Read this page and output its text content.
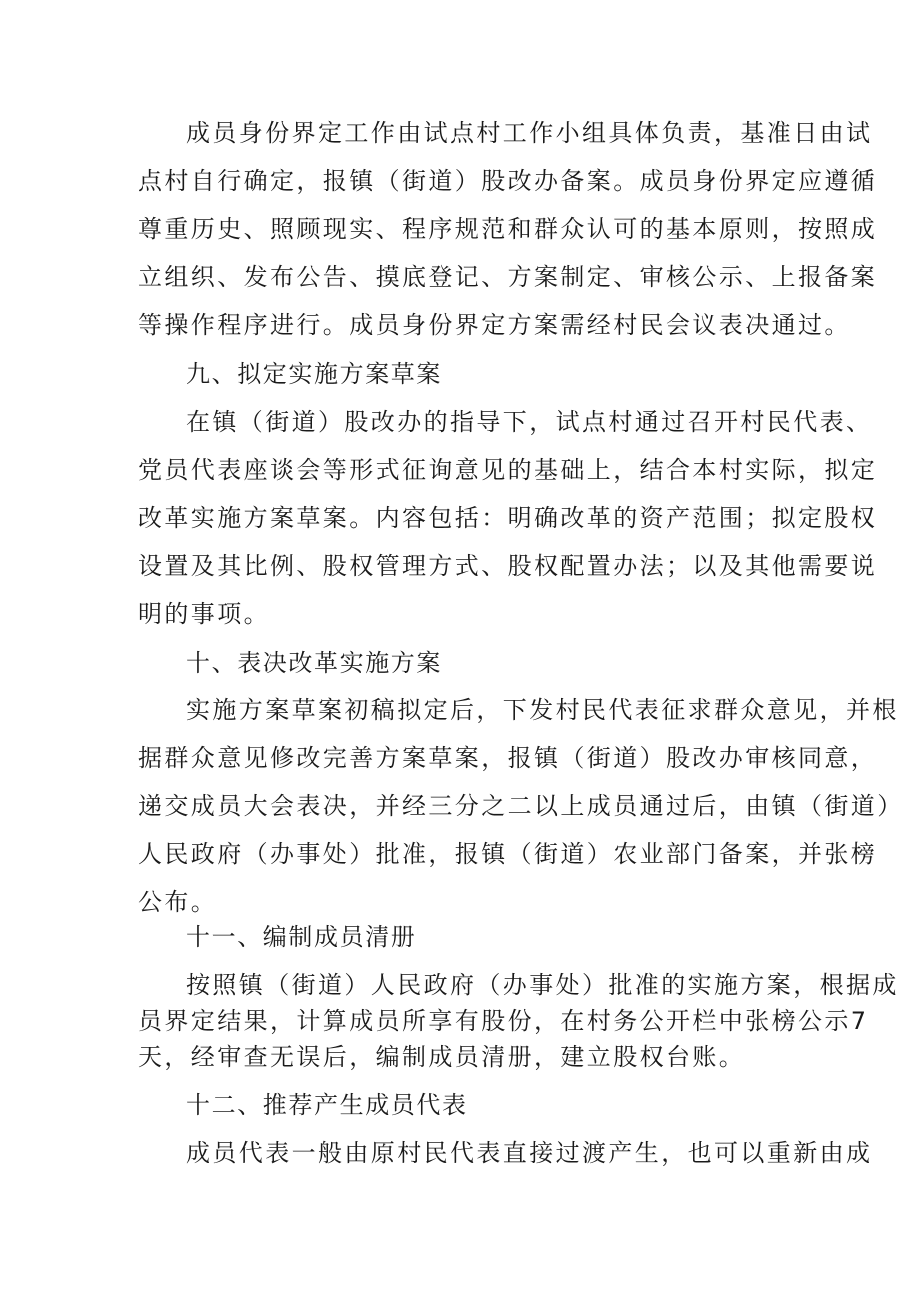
成员身份界定工作由试点村工作小组具体负责，基准日由试
点村自行确定，报镇（街道）股改办备案。成员身份界定应遵循
尊重历史、照顾现实、程序规范和群众认可的基本原则，按照成
立组织、发布公告、摸底登记、方案制定、审核公示、上报备案
等操作程序进行。成员身份界定方案需经村民会议表决通过。
九、拟定实施方案草案
在镇（街道）股改办的指导下，试点村通过召开村民代表、
党员代表座谈会等形式征询意见的基础上，结合本村实际，拟定
改革实施方案草案。内容包括：明确改革的资产范围；拟定股权
设置及其比例、股权管理方式、股权配置办法；以及其他需要说
明的事项。
十、表决改革实施方案
实施方案草案初稿拟定后，下发村民代表征求群众意见，并根
据群众意见修改完善方案草案，报镇（街道）股改办审核同意，
递交成员大会表决，并经三分之二以上成员通过后，由镇（街道）
人民政府（办事处）批准，报镇（街道）农业部门备案，并张榜
公布。
十一、编制成员清册
按照镇（街道）人民政府（办事处）批准的实施方案，根据成
员界定结果，计算成员所享有股份，在村务公开栏中张榜公示7
天，经审查无误后，编制成员清册，建立股权台账。
十二、推荐产生成员代表
成员代表一般由原村民代表直接过渡产生，也可以重新由成
